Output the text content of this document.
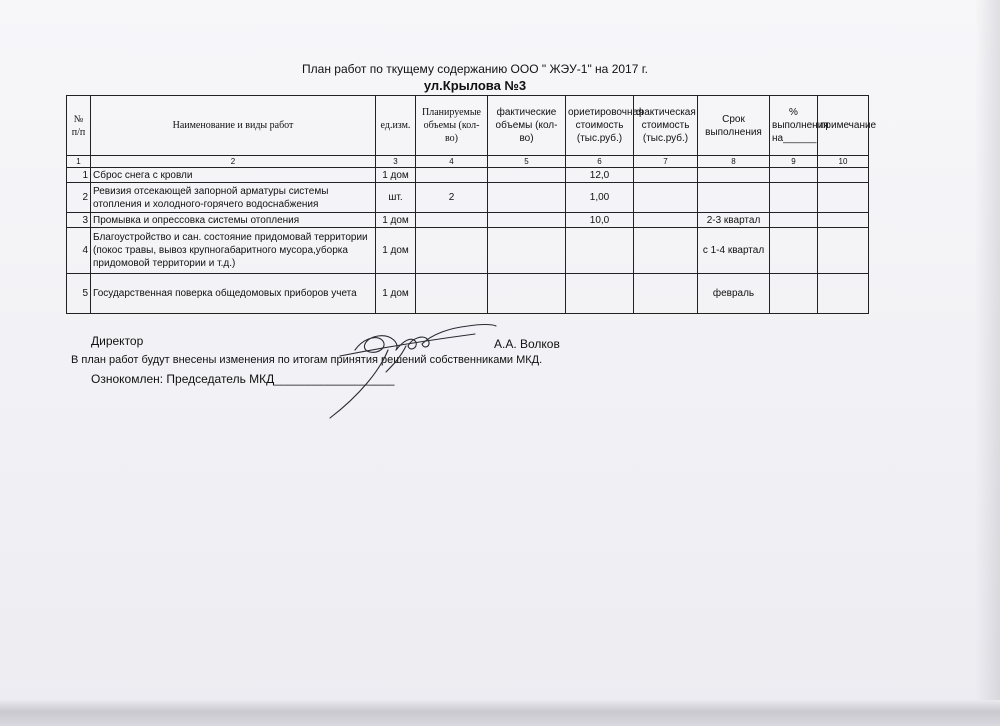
План работ по ткущему содержанию ООО " ЖЭУ-1" на 2017 г.
ул.Крылова №3
№ п/п	Наименование и виды работ	ед.изм.	Планируемые объемы (кол-во)	фактические объемы (кол-во)	ориетировочная стоимость (тыс.руб.)	фактическая стоимость (тыс.руб.)	Срок выполнения	% выполнения на______	примечание
1	2	3	4	5	6	7	8	9	10
1	Сброс снега с кровли	1 дом			12,0				
2	Ревизия отсекающей запорной арматуры системы отопления и холодного-горячего водоснабжения	шт.	2		1,00				
3	Промывка и опрессовка системы отопления	1 дом			10,0		2-3 квартал		
4	Благоустройство и сан. состояние придомовай территории (покос травы, вывоз крупногабаритного мусора,уборка придомовой территории и т.д.)	1 дом					с 1-4 квартал		
5	Государственная поверка общедомовых приборов учета	1 дом					февраль		
Директор	А.А. Волков
В план работ будут внесены изменения по итогам принятия решений собственниками МКД.
Ознокомлен: Председатель МКД__________________
